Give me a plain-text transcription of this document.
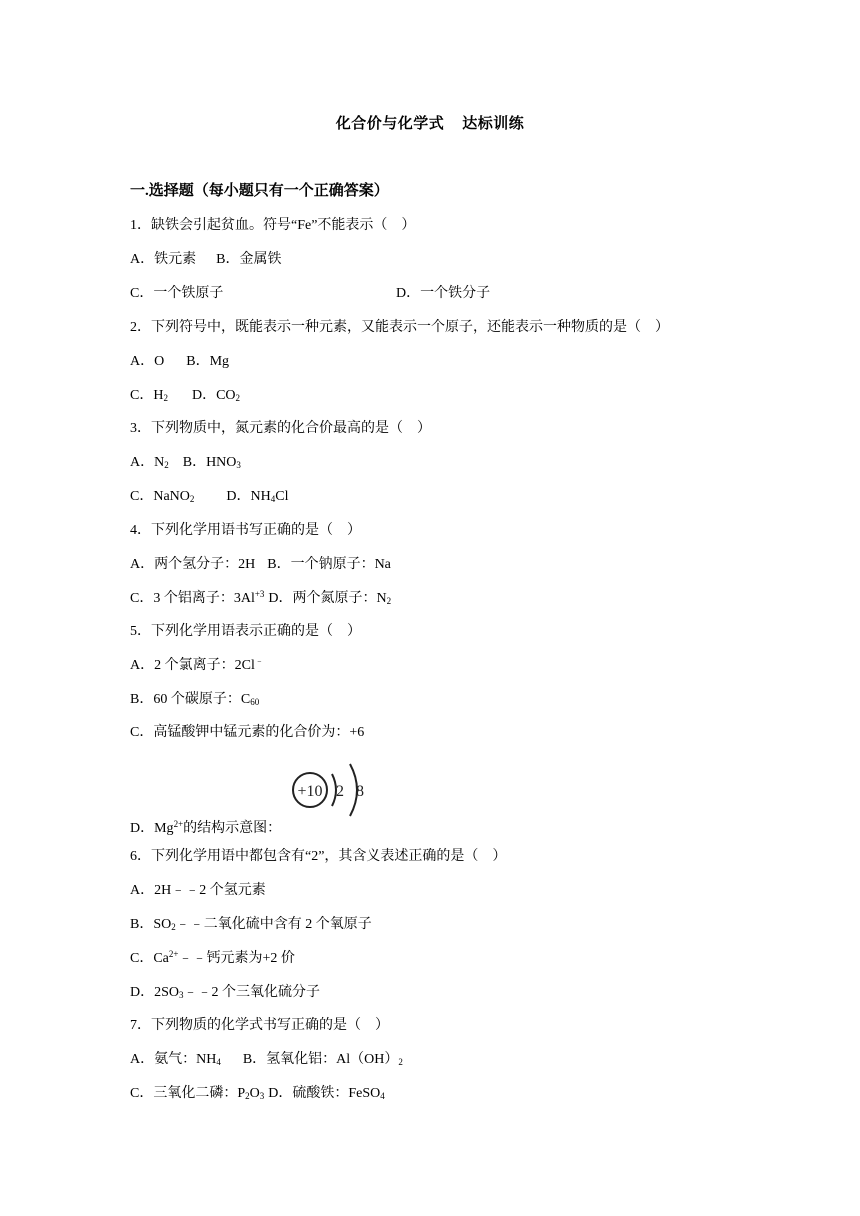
化合价与化学式 达标训练
一.选择题（每小题只有一个正确答案）
1．缺铁会引起贫血。符号“Fe”不能表示（　）
A．铁元素 B．金属铁
C．一个铁原子	D．一个铁分子
2．下列符号中，既能表示一种元素，又能表示一个原子，还能表示一种物质的是（　）
A．O B．Mg
C．$H_2$ D．$CO_2$
3．下列物质中，氮元素的化合价最高的是（　）
A．$N_2$ B．$HNO_3$
C．NaNO$_2$ D．$NH_4Cl$
4．下列化学用语书写正确的是（　）
A．两个氢分子：2H B．一个钠原子：Na
C．3 个铝离子：$3Al^{+3}$ D．两个氮原子：$N_2$
5．下列化学用语表示正确的是（　）
A．2 个氯离子：2Cl﹣
B．60 个碳原子：$C_{60}$
C．高锰酸钾中锰元素的化合价为：+6
+10 2 8
D．$Mg^{2+}$的结构示意图：
6．下列化学用语中都包含有“2”，其含义表述正确的是（　）
A．2H﹣﹣2 个氢元素
B．$SO_2﹣﹣$二氧化硫中含有 2 个氧原子
C．$Ca^{2+}﹣﹣$钙元素为+2 价
D．$2SO_3﹣﹣2$ 个三氧化硫分子
7．下列物质的化学式书写正确的是（　）
A．氨气：$NH_4$ B．氢氧化铝：$Al(OH)_2$
C．三氧化二磷：$P_2O_3$ D．硫酸铁：FeSO$_4$
